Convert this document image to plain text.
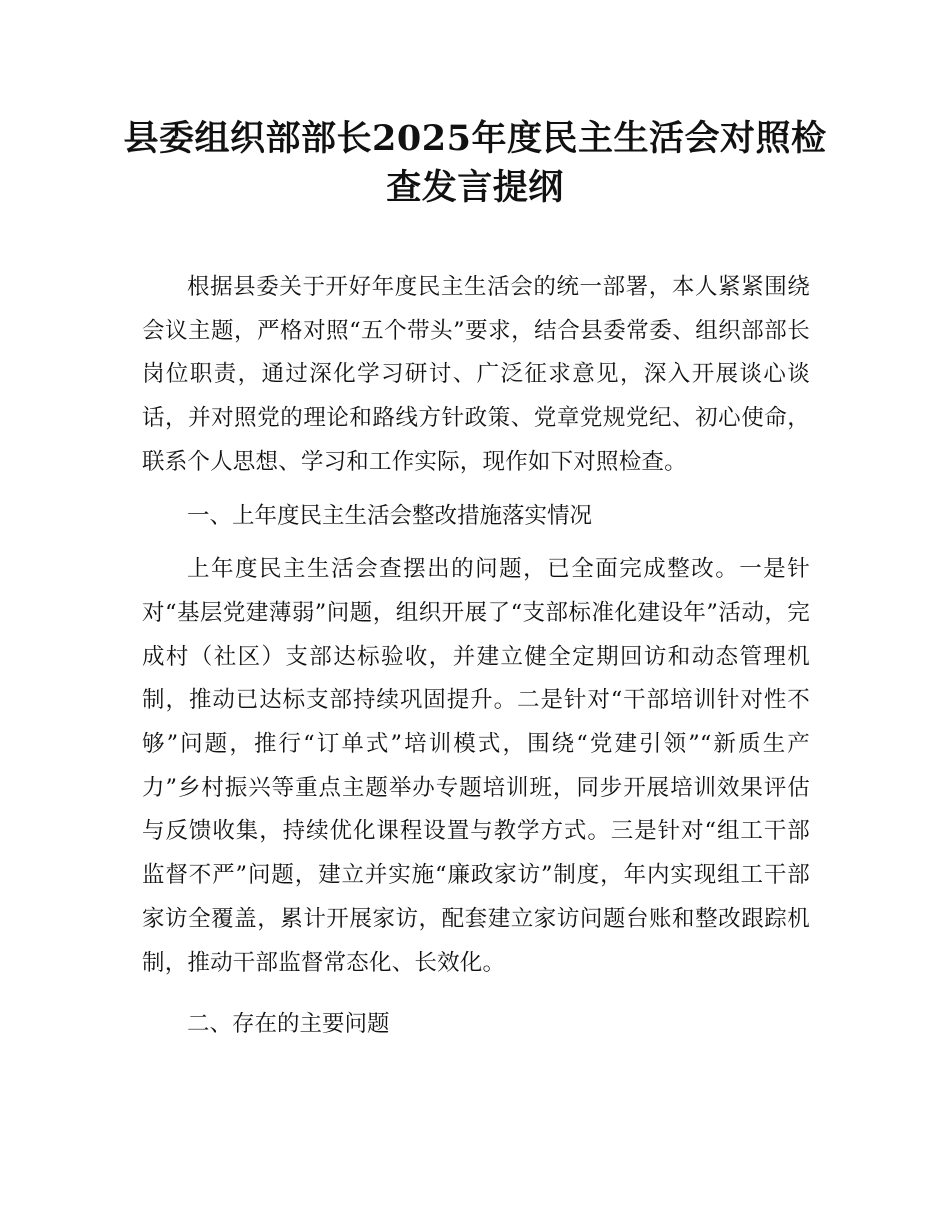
县委组织部部长2025年度民主生活会对照检查发言提纲

根据县委关于开好年度民主生活会的统一部署，本人紧紧围绕会议主题，严格对照“五个带头”要求，结合县委常委、组织部部长岗位职责，通过深化学习研讨、广泛征求意见，深入开展谈心谈话，并对照党的理论和路线方针政策、党章党规党纪、初心使命，联系个人思想、学习和工作实际，现作如下对照检查。

一、上年度民主生活会整改措施落实情况

上年度民主生活会查摆出的问题，已全面完成整改。一是针对“基层党建薄弱”问题，组织开展了“支部标准化建设年”活动，完成村（社区）支部达标验收，并建立健全定期回访和动态管理机制，推动已达标支部持续巩固提升。二是针对“干部培训针对性不够”问题，推行“订单式”培训模式，围绕“党建引领”“新质生产力”乡村振兴等重点主题举办专题培训班，同步开展培训效果评估与反馈收集，持续优化课程设置与教学方式。三是针对“组工干部监督不严”问题，建立并实施“廉政家访”制度，年内实现组工干部家访全覆盖，累计开展家访，配套建立家访问题台账和整改跟踪机制，推动干部监督常态化、长效化。

二、存在的主要问题
